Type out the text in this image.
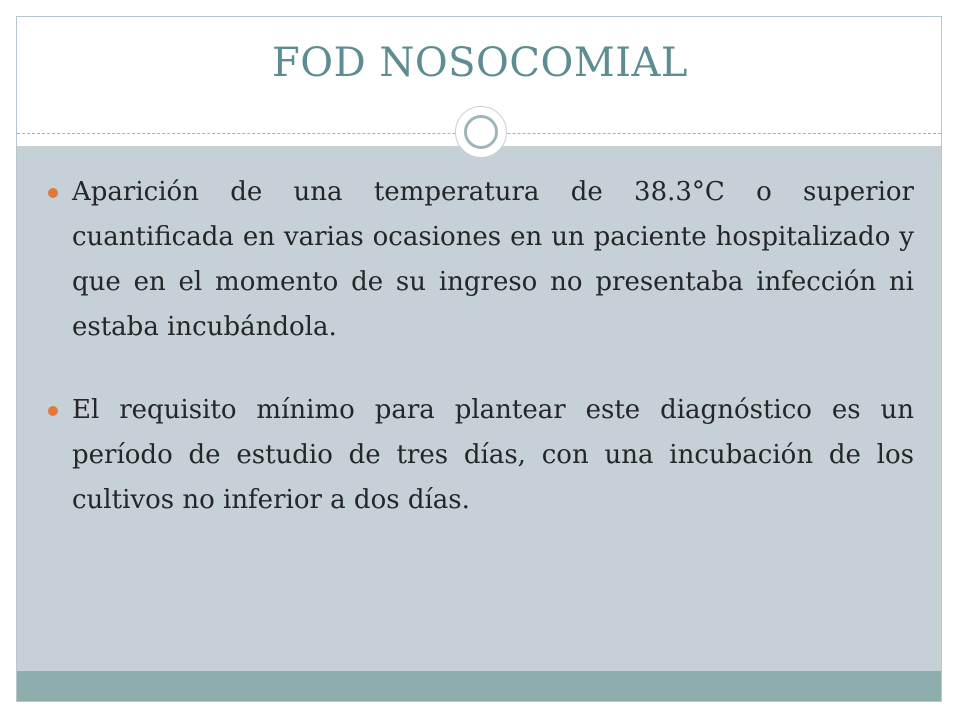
FOD NOSOCOMIAL
Aparición de una temperatura de 38.3°C o superior cuantificada en varias ocasiones en un paciente hospitalizado y que en el momento de su ingreso no presentaba infección ni estaba incubándola.
El requisito mínimo para plantear este diagnóstico es un período de estudio de tres días, con una incubación de los cultivos no inferior a dos días.
